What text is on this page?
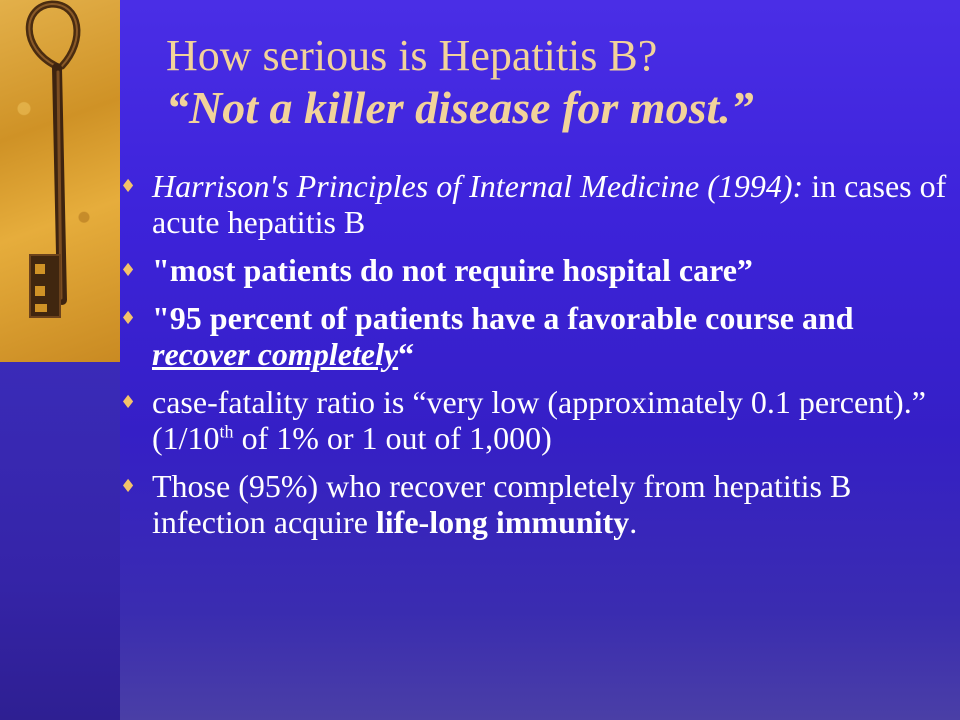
How serious is Hepatitis B?
“Not a killer disease for most.”
♦ Harrison's Principles of Internal Medicine (1994): in cases of acute hepatitis B
♦ "most patients do not require hospital care”
♦ "95 percent of patients have a favorable course and recover completely“
♦ case-fatality ratio is “very low (approximately 0.1 percent).” (1/10th of 1% or 1 out of 1,000)
♦ Those (95%) who recover completely from hepatitis B infection acquire life-long immunity.
